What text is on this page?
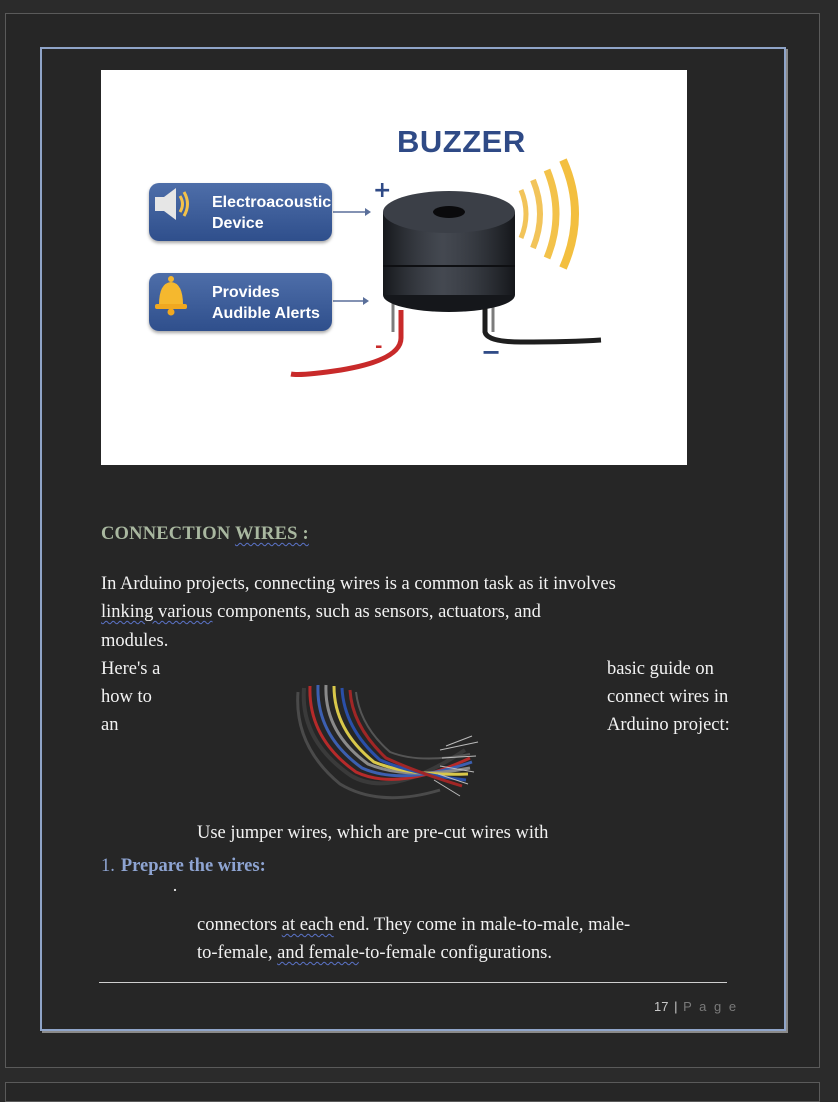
BUZZER
Electroacoustic Device
Provides Audible Alerts
+
-	−
CONNECTION WIRES :
In Arduino projects, connecting wires is a common task as it involves
linking various components, such as sensors, actuators, and
modules.
Here's a
how to
an
basic guide on
connect wires in
Arduino project:
Use jumper wires, which are pre-cut wires with
1. Prepare the wires:
·
connectors at each end. They come in male-to-male, male-
to-female, and female-to-female configurations.
17 | P a g e
